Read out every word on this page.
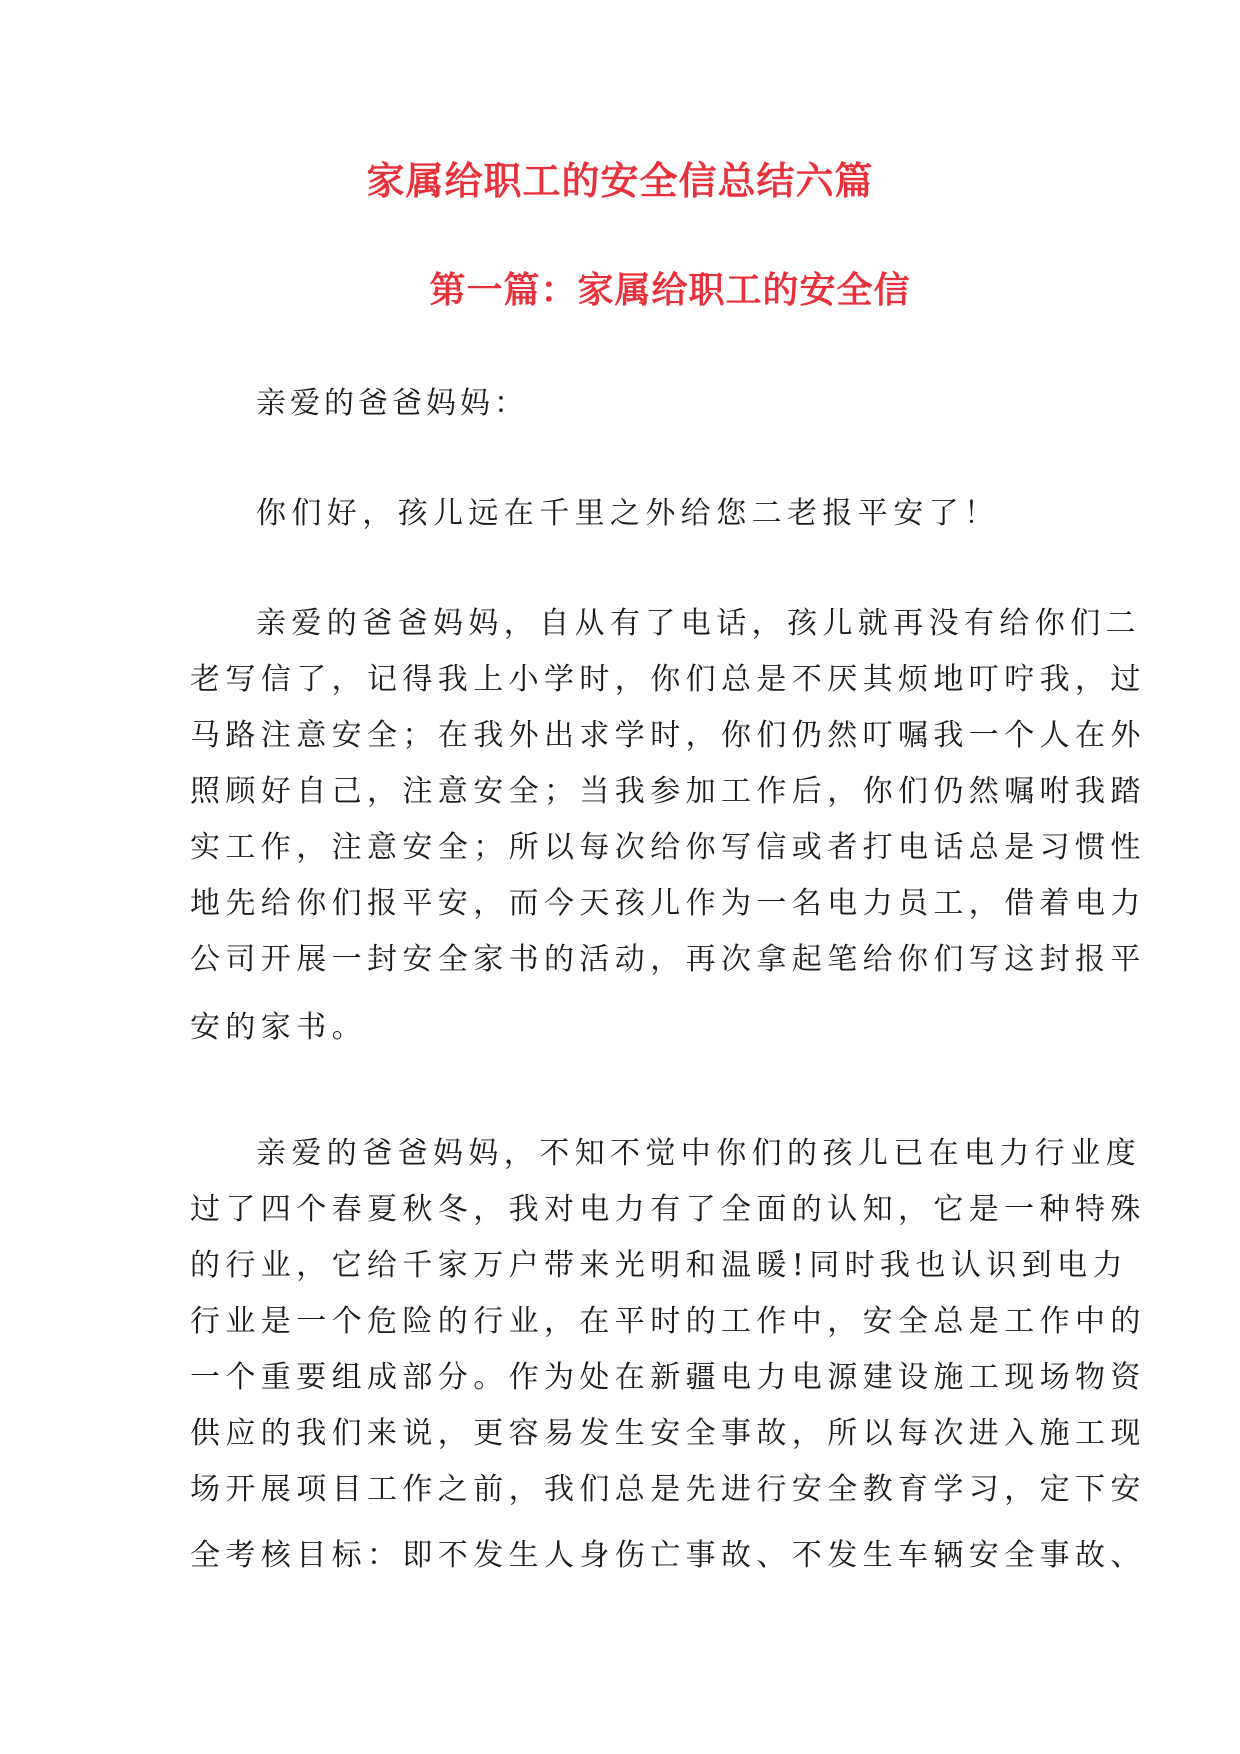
家属给职工的安全信总结六篇
第一篇：家属给职工的安全信
亲爱的爸爸妈妈：
你们好，孩儿远在千里之外给您二老报平安了！
亲爱的爸爸妈妈，自从有了电话，孩儿就再没有给你们二
老写信了，记得我上小学时，你们总是不厌其烦地叮咛我，过
马路注意安全；在我外出求学时，你们仍然叮嘱我一个人在外
照顾好自己，注意安全；当我参加工作后，你们仍然嘱咐我踏
实工作，注意安全；所以每次给你写信或者打电话总是习惯性
地先给你们报平安，而今天孩儿作为一名电力员工，借着电力
公司开展一封安全家书的活动，再次拿起笔给你们写这封报平
安的家书。
亲爱的爸爸妈妈，不知不觉中你们的孩儿已在电力行业度
过了四个春夏秋冬，我对电力有了全面的认知，它是一种特殊
的行业，它给千家万户带来光明和温暖!同时我也认识到电力
行业是一个危险的行业，在平时的工作中，安全总是工作中的
一个重要组成部分。作为处在新疆电力电源建设施工现场物资
供应的我们来说，更容易发生安全事故，所以每次进入施工现
场开展项目工作之前，我们总是先进行安全教育学习，定下安
全考核目标：即不发生人身伤亡事故、不发生车辆安全事故、
